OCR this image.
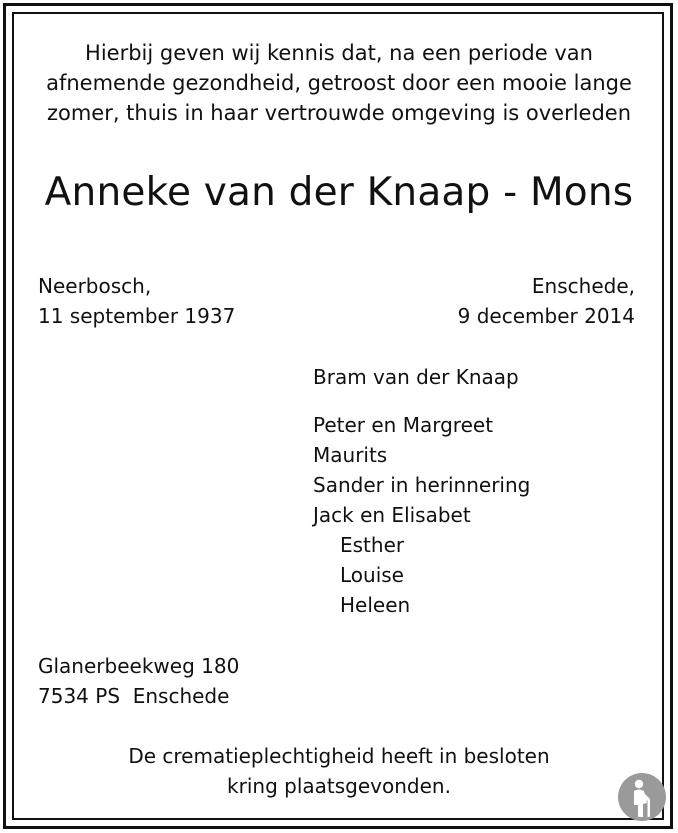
Hierbij geven wij kennis dat, na een periode van
afnemende gezondheid, getroost door een mooie lange
zomer, thuis in haar vertrouwde omgeving is overleden
Anneke van der Knaap - Mons
Neerbosch,
11 september 1937
Enschede,
9 december 2014
Bram van der Knaap
Peter en Margreet
Maurits
Sander in herinnering
Jack en Elisabet
Esther
Louise
Heleen
Glanerbeekweg 180
7534 PS  Enschede
De crematieplechtigheid heeft in besloten
kring plaatsgevonden.
